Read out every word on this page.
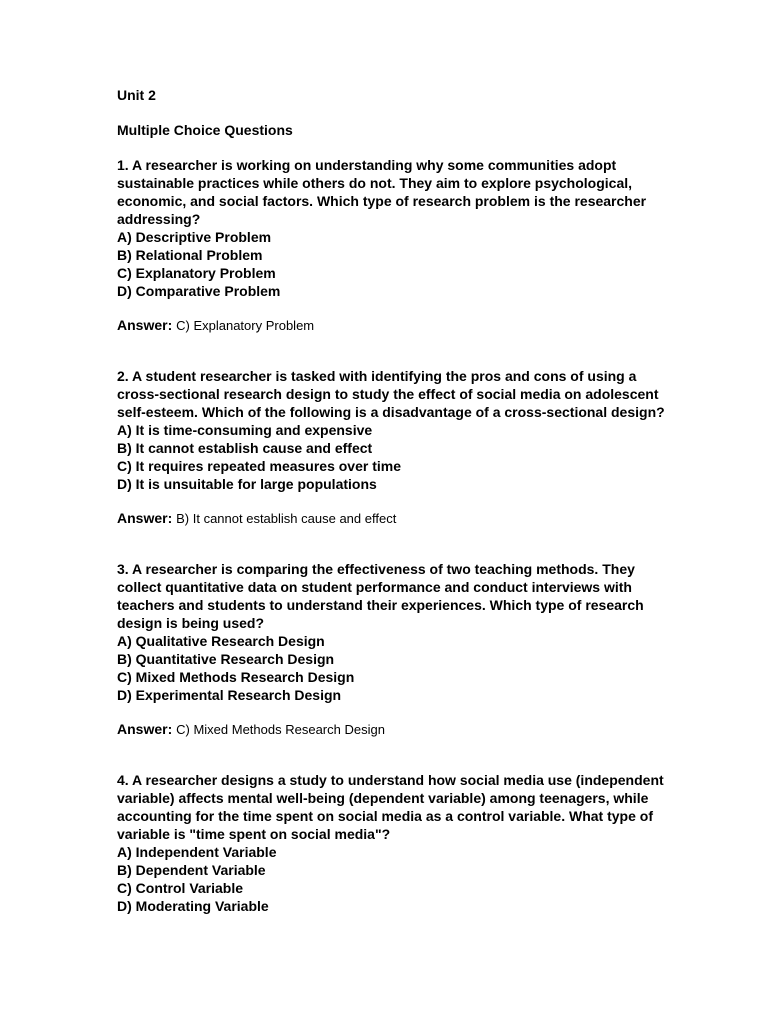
Unit 2
Multiple Choice Questions
1. A researcher is working on understanding why some communities adopt
sustainable practices while others do not. They aim to explore psychological,
economic, and social factors. Which type of research problem is the researcher
addressing?
A) Descriptive Problem
B) Relational Problem
C) Explanatory Problem
D) Comparative Problem
Answer: C) Explanatory Problem
2. A student researcher is tasked with identifying the pros and cons of using a
cross-sectional research design to study the effect of social media on adolescent
self-esteem. Which of the following is a disadvantage of a cross-sectional design?
A) It is time-consuming and expensive
B) It cannot establish cause and effect
C) It requires repeated measures over time
D) It is unsuitable for large populations
Answer: B) It cannot establish cause and effect
3. A researcher is comparing the effectiveness of two teaching methods. They
collect quantitative data on student performance and conduct interviews with
teachers and students to understand their experiences. Which type of research
design is being used?
A) Qualitative Research Design
B) Quantitative Research Design
C) Mixed Methods Research Design
D) Experimental Research Design
Answer: C) Mixed Methods Research Design
4. A researcher designs a study to understand how social media use (independent
variable) affects mental well-being (dependent variable) among teenagers, while
accounting for the time spent on social media as a control variable. What type of
variable is "time spent on social media"?
A) Independent Variable
B) Dependent Variable
C) Control Variable
D) Moderating Variable
